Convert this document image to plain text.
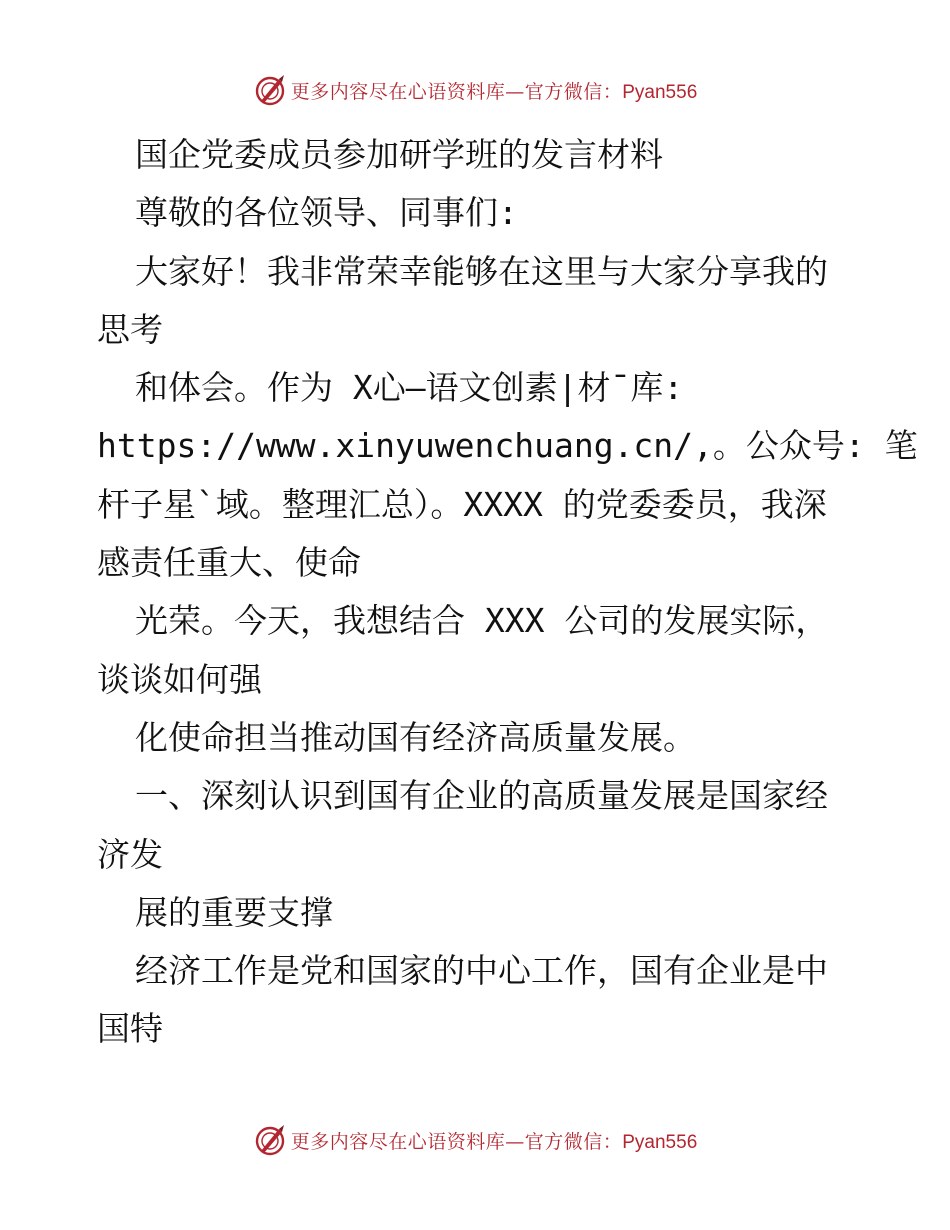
更多内容尽在心语资料库—官方微信：Pyan556
国企党委成员参加研学班的发言材料
尊敬的各位领导、同事们:
大家好！我非常荣幸能够在这里与大家分享我的
思考
和体会。作为 X心—语文创素|材¯库:
https://www.xinyuwenchuang.cn/,。公众号: 笔
杆子星`域。整理汇总）。XXXX 的党委委员，我深
感责任重大、使命
光荣。今天，我想结合 XXX 公司的发展实际，
谈谈如何强
化使命担当推动国有经济高质量发展。
一、深刻认识到国有企业的高质量发展是国家经
济发
展的重要支撑
经济工作是党和国家的中心工作，国有企业是中
国特
更多内容尽在心语资料库—官方微信：Pyan556
